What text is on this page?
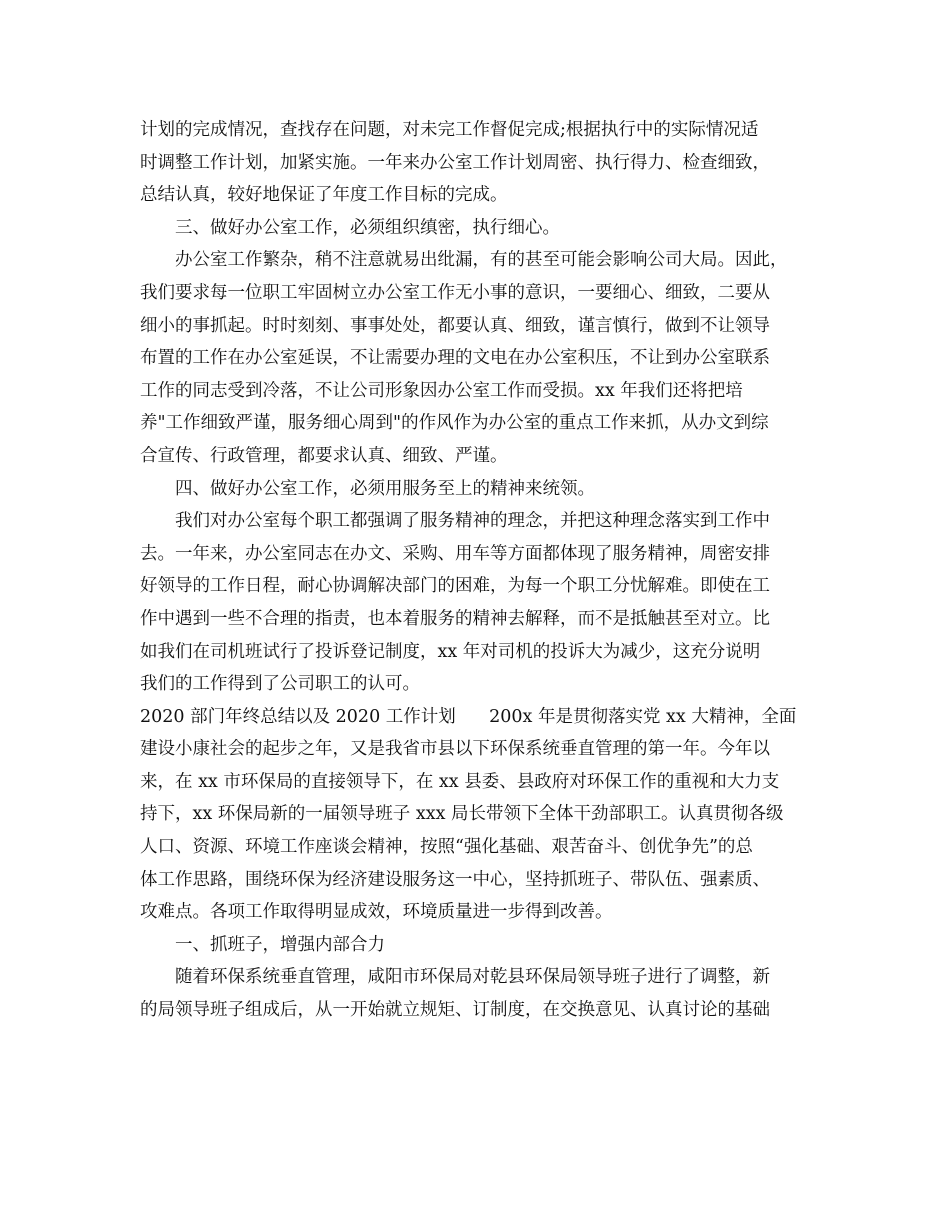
计划的完成情况，查找存在问题，对未完工作督促完成;根据执行中的实际情况适
时调整工作计划，加紧实施。一年来办公室工作计划周密、执行得力、检查细致，
总结认真，较好地保证了年度工作目标的完成。
三、做好办公室工作，必须组织缜密，执行细心。
办公室工作繁杂，稍不注意就易出纰漏，有的甚至可能会影响公司大局。因此，
我们要求每一位职工牢固树立办公室工作无小事的意识，一要细心、细致，二要从
细小的事抓起。时时刻刻、事事处处，都要认真、细致，谨言慎行，做到不让领导
布置的工作在办公室延误，不让需要办理的文电在办公室积压，不让到办公室联系
工作的同志受到冷落，不让公司形象因办公室工作而受损。xx 年我们还将把培
养"工作细致严谨，服务细心周到"的作风作为办公室的重点工作来抓，从办文到综
合宣传、行政管理，都要求认真、细致、严谨。
四、做好办公室工作，必须用服务至上的精神来统领。
我们对办公室每个职工都强调了服务精神的理念，并把这种理念落实到工作中
去。一年来，办公室同志在办文、采购、用车等方面都体现了服务精神，周密安排
好领导的工作日程，耐心协调解决部门的困难，为每一个职工分忧解难。即使在工
作中遇到一些不合理的指责，也本着服务的精神去解释，而不是抵触甚至对立。比
如我们在司机班试行了投诉登记制度，xx 年对司机的投诉大为减少，这充分说明
我们的工作得到了公司职工的认可。
2020 部门年终总结以及 2020 工作计划      200x 年是贯彻落实党 xx 大精神，全面
建设小康社会的起步之年，又是我省市县以下环保系统垂直管理的第一年。今年以
来，在 xx 市环保局的直接领导下，在 xx 县委、县政府对环保工作的重视和大力支
持下，xx 环保局新的一届领导班子 xxx 局长带领下全体干劲部职工。认真贯彻各级
人口、资源、环境工作座谈会精神，按照“强化基础、艰苦奋斗、创优争先”的总
体工作思路，围绕环保为经济建设服务这一中心，坚持抓班子、带队伍、强素质、
攻难点。各项工作取得明显成效，环境质量进一步得到改善。
一、抓班子，增强内部合力
随着环保系统垂直管理，咸阳市环保局对乾县环保局领导班子进行了调整，新
的局领导班子组成后，从一开始就立规矩、订制度，在交换意见、认真讨论的基础
